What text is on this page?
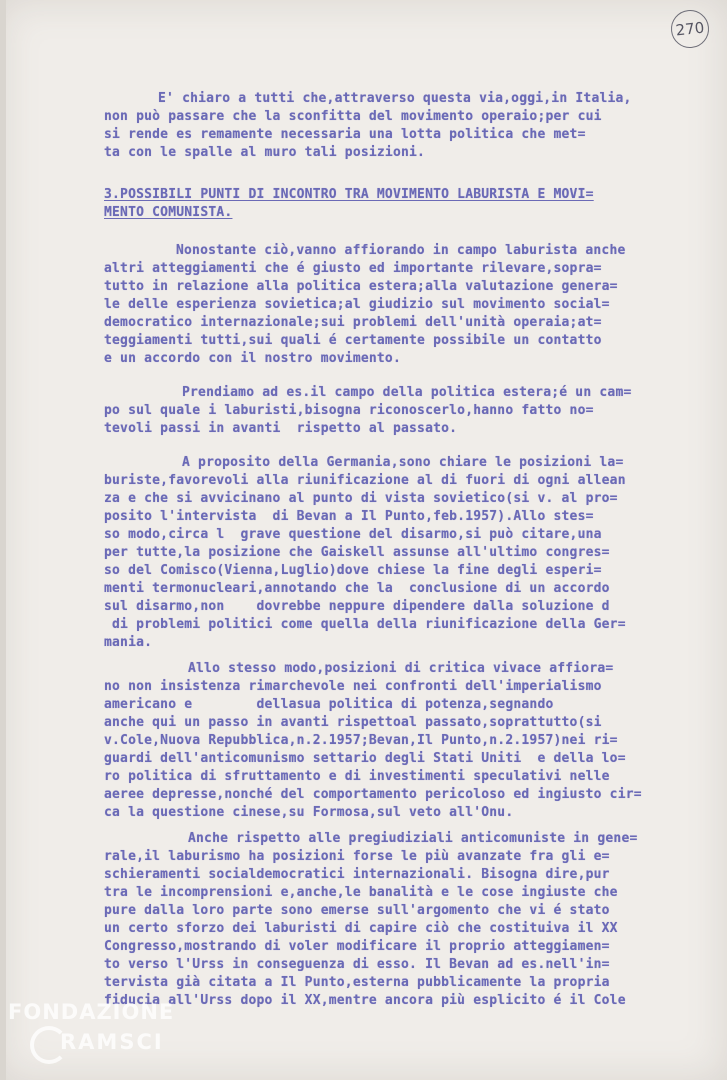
270
E' chiaro a tutti che,attraverso questa via,oggi,in Italia,
non può passare che la sconfitta del movimento operaio;per cui
si rende es remamente necessaria una lotta politica che met=
ta con le spalle al muro tali posizioni.
3.POSSIBILI PUNTI DI INCONTRO TRA MOVIMENTO LABURISTA E MOVI=
MENTO COMUNISTA.
Nonostante ciò,vanno affiorando in campo laburista anche
altri atteggiamenti che é giusto ed importante rilevare,sopra=
tutto in relazione alla politica estera;alla valutazione genera=
le delle esperienza sovietica;al giudizio sul movimento social=
democratico internazionale;sui problemi dell'unità operaia;at=
teggiamenti tutti,sui quali é certamente possibile un contatto
e un accordo con il nostro movimento.
Prendiamo ad es.il campo della politica estera;é un cam=
po sul quale i laburisti,bisogna riconoscerlo,hanno fatto no=
tevoli passi in avanti  rispetto al passato.
A proposito della Germania,sono chiare le posizioni la=
buriste,favorevoli alla riunificazione al di fuori di ogni allean
za e che si avvicinano al punto di vista sovietico(si v. al pro=
posito l'intervista  di Bevan a Il Punto,feb.1957).Allo stes=
so modo,circa l  grave questione del disarmo,si può citare,una
per tutte,la posizione che Gaiskell assunse all'ultimo congres=
so del Comisco(Vienna,Luglio)dove chiese la fine degli esperi=
menti termonucleari,annotando che la  conclusione di un accordo
sul disarmo,non    dovrebbe neppure dipendere dalla soluzione d
di problemi politici come quella della riunificazione della Ger=
mania.
Allo stesso modo,posizioni di critica vivace affiora=
no non insistenza rimarchevole nei confronti dell'imperialismo
americano e        dellasua politica di potenza,segnando
anche qui un passo in avanti rispettoal passato,soprattutto(si
v.Cole,Nuova Repubblica,n.2.1957;Bevan,Il Punto,n.2.1957)nei ri=
guardi dell'anticomunismo settario degli Stati Uniti  e della lo=
ro politica di sfruttamento e di investimenti speculativi nelle
aeree depresse,nonché del comportamento pericoloso ed ingiusto cir=
ca la questione cinese,su Formosa,sul veto all'Onu.
Anche rispetto alle pregiudiziali anticomuniste in gene=
rale,il laburismo ha posizioni forse le più avanzate fra gli e=
schieramenti socialdemocratici internazionali. Bisogna dire,pur
tra le incomprensioni e,anche,le banalità e le cose ingiuste che
pure dalla loro parte sono emerse sull'argomento che vi é stato
un certo sforzo dei laburisti di capire ciò che costituiva il XX
Congresso,mostrando di voler modificare il proprio atteggiamen=
to verso l'Urss in conseguenza di esso. Il Bevan ad es.nell'in=
tervista già citata a Il Punto,esterna pubblicamente la propria
fiducia all'Urss dopo il XX,mentre ancora più esplicito é il Cole
FONDAZIONE
RAMSCI
